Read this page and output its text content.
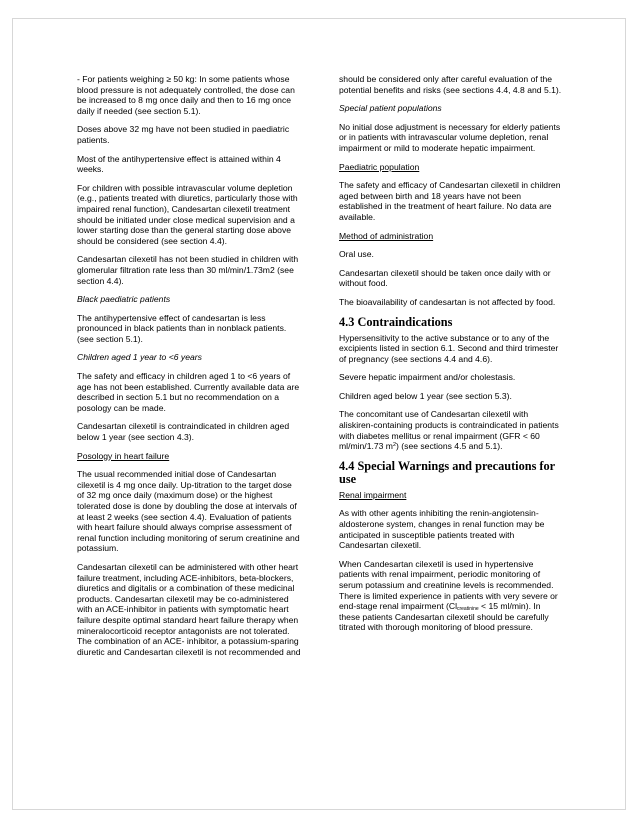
- For patients weighing ≥ 50 kg: In some patients whose blood pressure is not adequately controlled, the dose can be increased to 8 mg once daily and then to 16 mg once daily if needed (see section 5.1).

Doses above 32 mg have not been studied in paediatric patients.

Most of the antihypertensive effect is attained within 4 weeks.

For children with possible intravascular volume depletion (e.g., patients treated with diuretics, particularly those with impaired renal function), Candesartan cilexetil treatment should be initiated under close medical supervision and a lower starting dose than the general starting dose above should be considered (see section 4.4).

Candesartan cilexetil has not been studied in children with glomerular filtration rate less than 30 ml/min/1.73m2 (see section 4.4).

Black paediatric patients

The antihypertensive effect of candesartan is less pronounced in black patients than in nonblack patients. (see section 5.1).

Children aged 1 year to <6 years

The safety and efficacy in children aged 1 to <6 years of age has not been established. Currently available data are described in section 5.1 but no recommendation on a posology can be made.

Candesartan cilexetil is contraindicated in children aged below 1 year (see section 4.3).

Posology in heart failure

The usual recommended initial dose of Candesartan cilexetil is 4 mg once daily. Up-titration to the target dose of 32 mg once daily (maximum dose) or the highest tolerated dose is done by doubling the dose at intervals of at least 2 weeks (see section 4.4). Evaluation of patients with heart failure should always comprise assessment of renal function including monitoring of serum creatinine and potassium.

Candesartan cilexetil can be administered with other heart failure treatment, including ACE-inhibitors, beta-blockers, diuretics and digitalis or a combination of these medicinal products. Candesartan cilexetil may be co-administered with an ACE-inhibitor in patients with symptomatic heart failure despite optimal standard heart failure therapy when mineralocorticoid receptor antagonists are not tolerated. The combination of an ACE- inhibitor, a potassium-sparing diuretic and Candesartan cilexetil is not recommended and

should be considered only after careful evaluation of the potential benefits and risks (see sections 4.4, 4.8 and 5.1).

Special patient populations

No initial dose adjustment is necessary for elderly patients or in patients with intravascular volume depletion, renal impairment or mild to moderate hepatic impairment.

Paediatric population

The safety and efficacy of Candesartan cilexetil in children aged between birth and 18 years have not been established in the treatment of heart failure. No data are available.

Method of administration

Oral use.

Candesartan cilexetil should be taken once daily with or without food.

The bioavailability of candesartan is not affected by food.

4.3 Contraindications

Hypersensitivity to the active substance or to any of the excipients listed in section 6.1. Second and third trimester of pregnancy (see sections 4.4 and 4.6).

Severe hepatic impairment and/or cholestasis.

Children aged below 1 year (see section 5.3).

The concomitant use of Candesartan cilexetil with aliskiren-containing products is contraindicated in patients with diabetes mellitus or renal impairment (GFR < 60 ml/min/1.73 $m^2$) (see sections 4.5 and 5.1).

4.4 Special Warnings and precautions for use

Renal impairment

As with other agents inhibiting the renin-angiotensin-aldosterone system, changes in renal function may be anticipated in susceptible patients treated with Candesartan cilexetil.

When Candesartan cilexetil is used in hypertensive patients with renal impairment, periodic monitoring of serum potassium and creatinine levels is recommended. There is limited experience in patients with very severe or end-stage renal impairment ($Cl_{creatinine} < 15$ ml/min). In these patients Candesartan cilexetil should be carefully titrated with thorough monitoring of blood pressure.
